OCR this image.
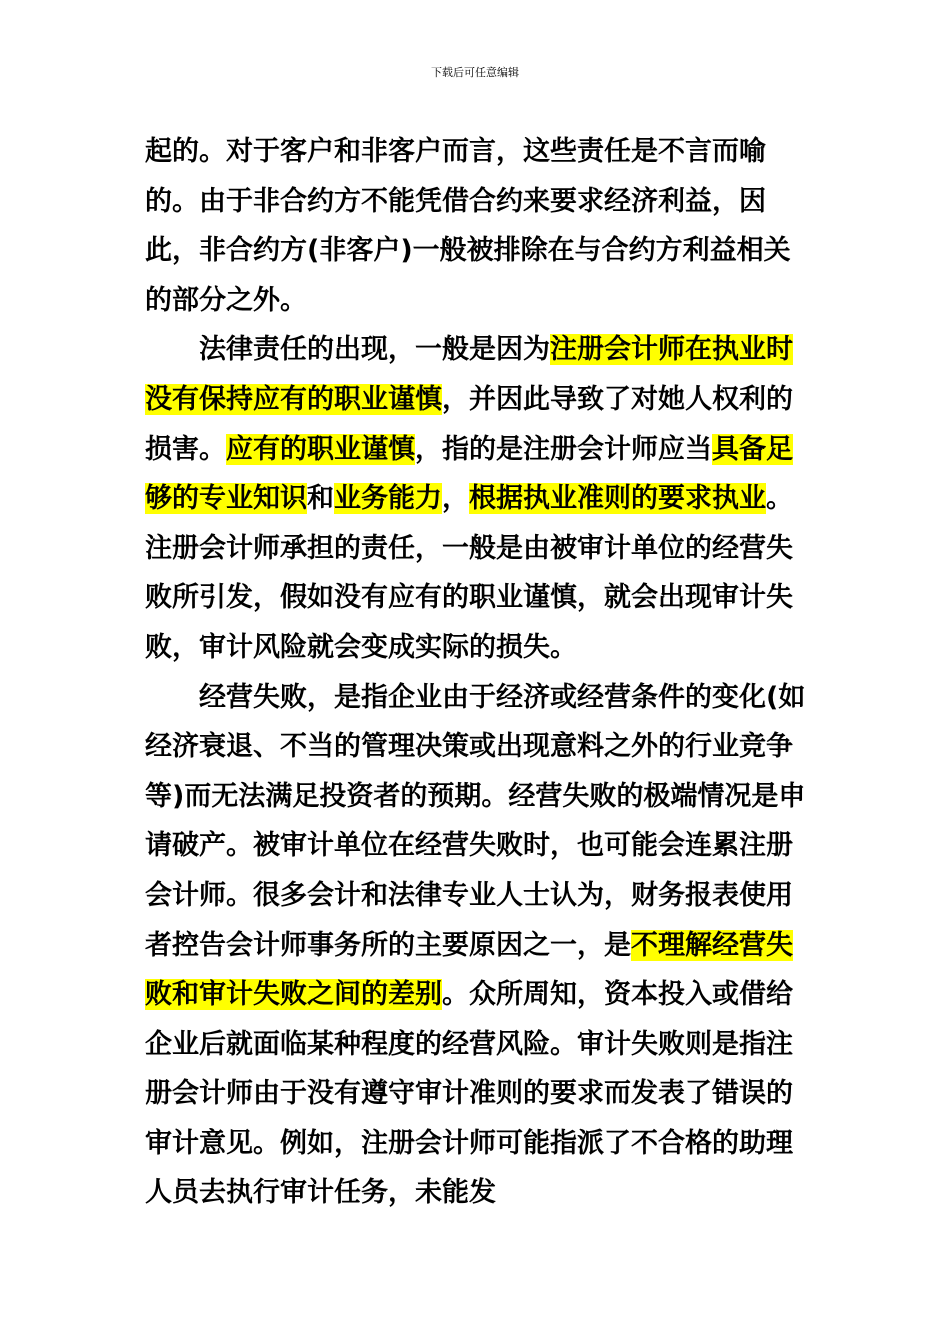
下载后可任意编辑

起的。对于客户和非客户而言，这些责任是不言而喻的。由于非合约方不能凭借合约来要求经济利益，因此，非合约方(非客户)一般被排除在与合约方利益相关的部分之外。

法律责任的出现，一般是因为注册会计师在执业时没有保持应有的职业谨慎，并因此导致了对她人权利的损害。应有的职业谨慎，指的是注册会计师应当具备足够的专业知识和业务能力，根据执业准则的要求执业。注册会计师承担的责任，一般是由被审计单位的经营失败所引发，假如没有应有的职业谨慎，就会出现审计失败，审计风险就会变成实际的损失。

经营失败，是指企业由于经济或经营条件的变化(如经济衰退、不当的管理决策或出现意料之外的行业竞争等)而无法满足投资者的预期。经营失败的极端情况是申请破产。被审计单位在经营失败时，也可能会连累注册会计师。很多会计和法律专业人士认为，财务报表使用者控告会计师事务所的主要原因之一，是不理解经营失败和审计失败之间的差别。众所周知，资本投入或借给企业后就面临某种程度的经营风险。审计失败则是指注册会计师由于没有遵守审计准则的要求而发表了错误的审计意见。例如，注册会计师可能指派了不合格的助理人员去执行审计任务，未能发
